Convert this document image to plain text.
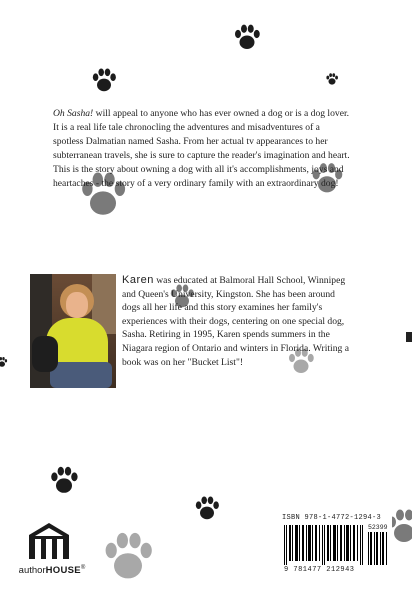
Oh Sasha! will appeal to anyone who has ever owned a dog or is a dog lover. It is a real life tale chronocling the adventures and misadventures of a spotless Dalmatian named Sasha. From her actual tv appearances to her subterranean travels, she is sure to capture the reader's imagination and heart. This is the story about owning a dog with all it's accomplishments, joys and heartaches - the story of a very ordinary family with an extraordinary dog!

Karen was educated at Balmoral Hall School, Winnipeg and Queen's University, Kingston. She has been around dogs all her life and this story examines her family's experiences with their dogs, centering on one special dog, Sasha. Retiring in 1995, Karen spends summers in the Niagara region of Ontario and winters in Florida. Writing a book was on her "Bucket List"!

authorHOUSE®
ISBN 978-1-4772-1294-3
52399
9 781477 212943
